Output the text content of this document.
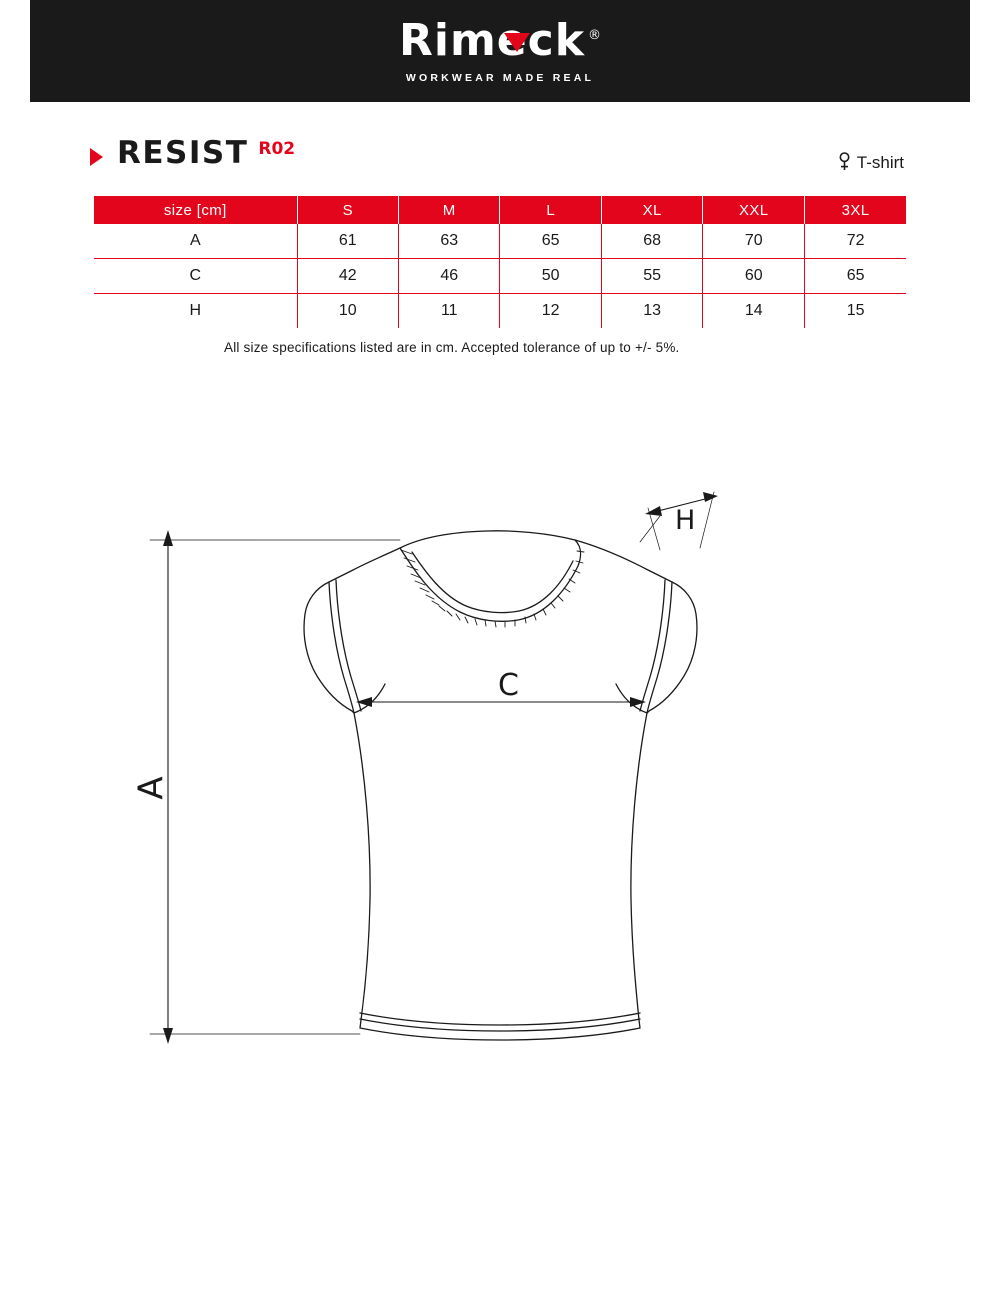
Rimeck ®
WORKWEAR MADE REAL
RESIST R02
T-shirt
size [cm]	S	M	L	XL	XXL	3XL
A	61	63	65	68	70	72
C	42	46	50	55	60	65
H	10	11	12	13	14	15
All size specifications listed are in cm. Accepted tolerance of up to +/- 5%.
A
C
H
